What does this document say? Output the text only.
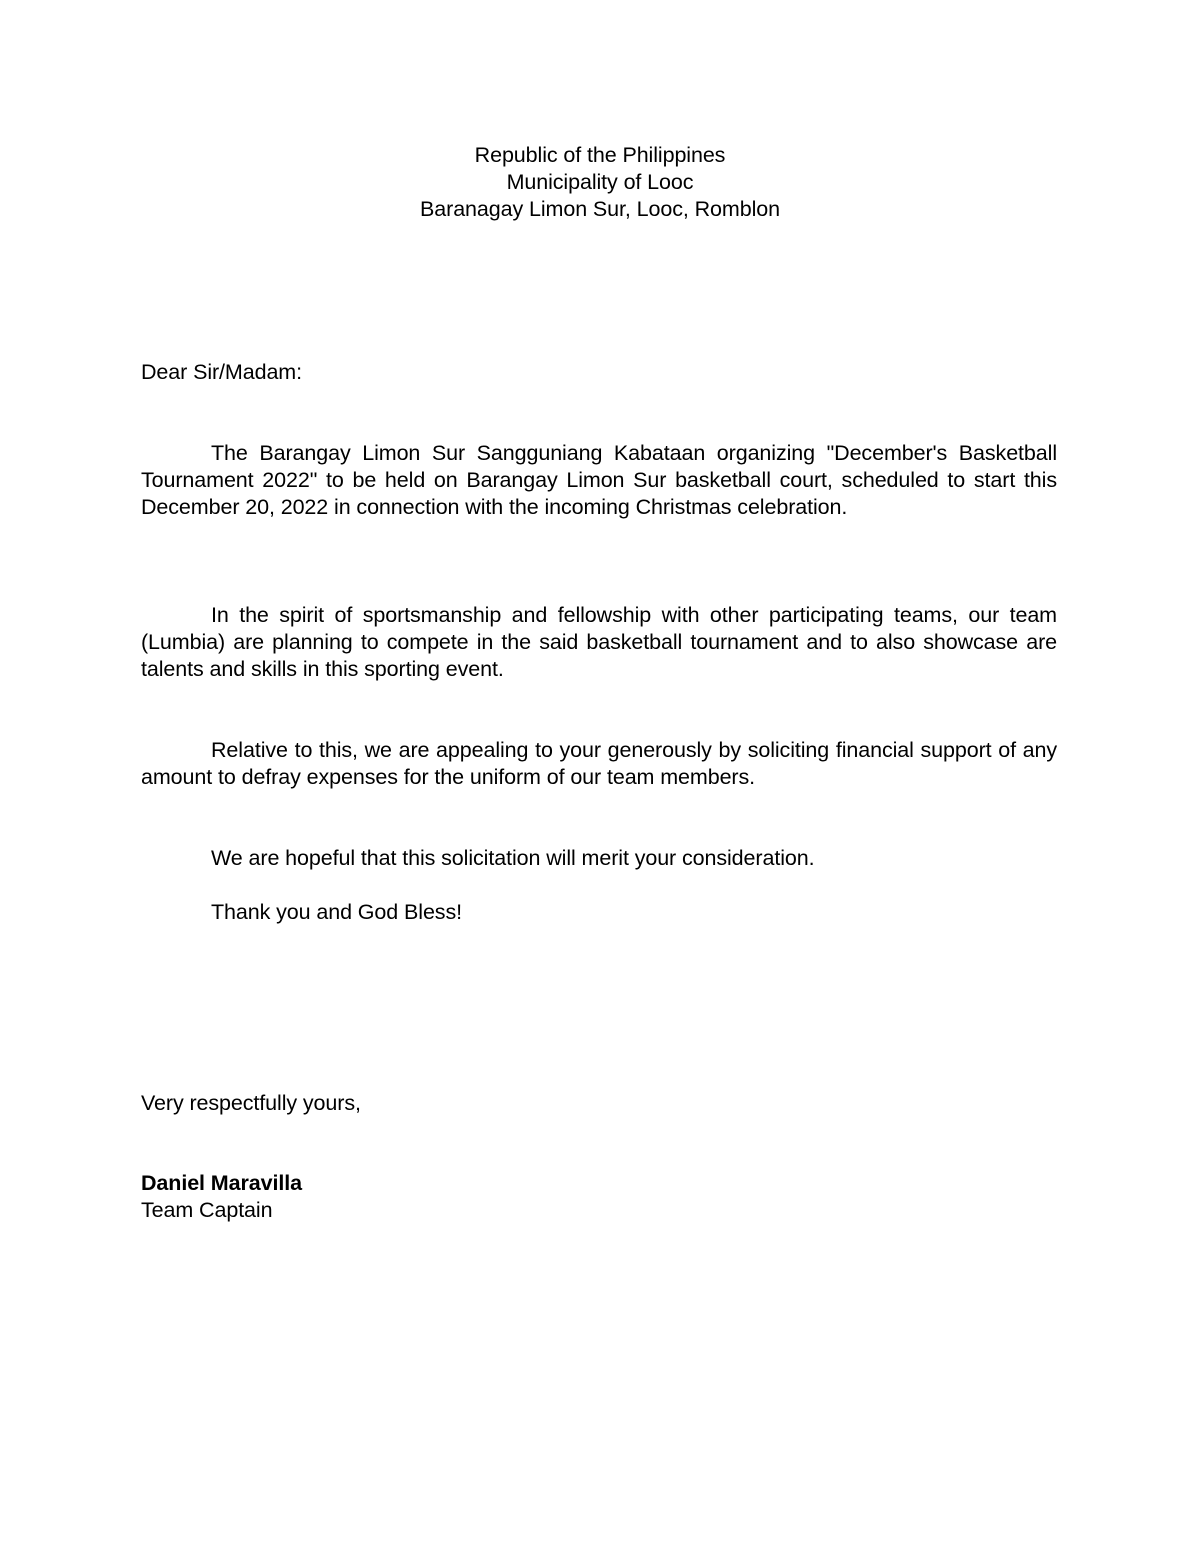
Republic of the Philippines
Municipality of Looc
Baranagay Limon Sur, Looc, Romblon
Dear Sir/Madam:

The Barangay Limon Sur Sangguniang Kabataan organizing "December's Basketball Tournament 2022" to be held on Barangay Limon Sur basketball court, scheduled to start this December 20, 2022 in connection with the incoming Christmas celebration.

In the spirit of sportsmanship and fellowship with other participating teams, our team (Lumbia) are planning to compete in the said basketball tournament and to also showcase are talents and skills in this sporting event.

Relative to this, we are appealing to your generously by soliciting financial support of any amount to defray expenses for the uniform of our team members.

We are hopeful that this solicitation will merit your consideration.
Thank you and God Bless!
Very respectfully yours,
Daniel Maravilla
Team Captain
